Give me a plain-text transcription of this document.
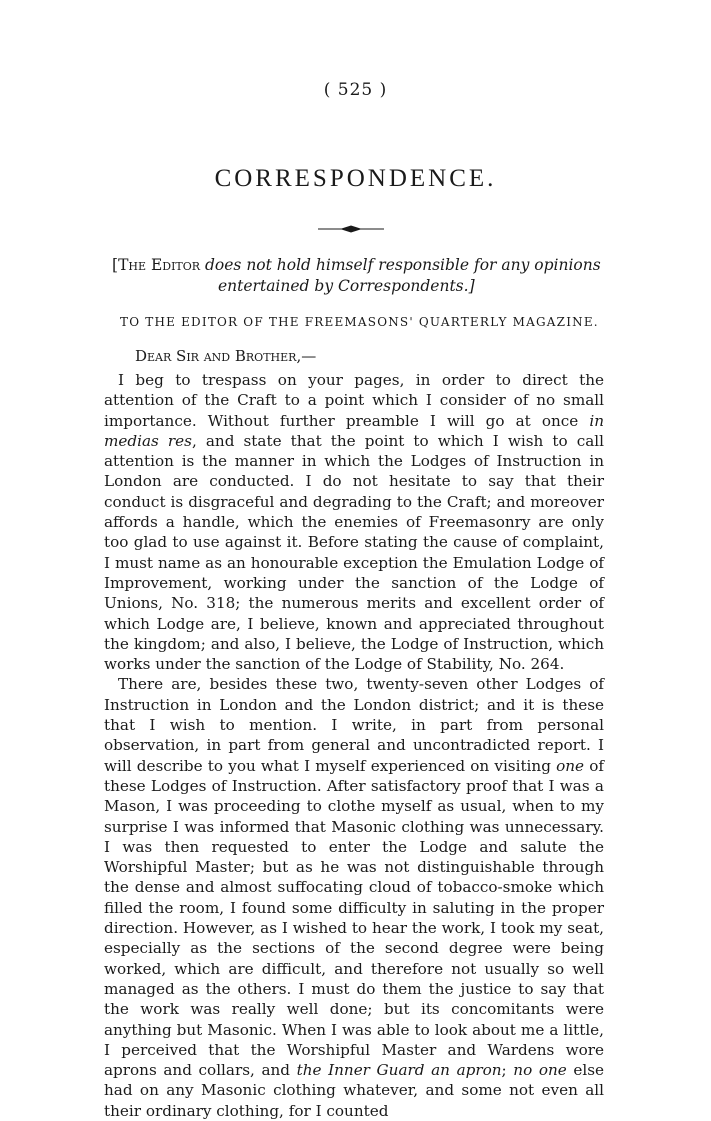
( 525 )
CORRESPONDENCE.
[The Editor does not hold himself responsible for any opinions
entertained by Correspondents.]
TO THE EDITOR OF THE FREEMASONS' QUARTERLY MAGAZINE.
Dear Sir and Brother,—

I beg to trespass on your pages, in order to direct the attention of the Craft to a point which I consider of no small importance. Without further preamble I will go at once in medias res, and state that the point to which I wish to call attention is the manner in which the Lodges of Instruction in London are conducted. I do not hesitate to say that their conduct is disgraceful and degrading to the Craft; and moreover affords a handle, which the enemies of Freemasonry are only too glad to use against it. Before stating the cause of complaint, I must name as an honourable exception the Emulation Lodge of Improvement, working under the sanction of the Lodge of Unions, No. 318; the numerous merits and excellent order of which Lodge are, I believe, known and appreciated throughout the kingdom; and also, I believe, the Lodge of Instruction, which works under the sanction of the Lodge of Stability, No. 264.

There are, besides these two, twenty-seven other Lodges of Instruction in London and the London district; and it is these that I wish to mention. I write, in part from personal observation, in part from general and uncontradicted report. I will describe to you what I myself experienced on visiting one of these Lodges of Instruction. After satisfactory proof that I was a Mason, I was proceeding to clothe myself as usual, when to my surprise I was informed that Masonic clothing was unnecessary. I was then requested to enter the Lodge and salute the Worshipful Master; but as he was not distinguishable through the dense and almost suffocating cloud of tobacco-smoke which filled the room, I found some difficulty in saluting in the proper direction. However, as I wished to hear the work, I took my seat, especially as the sections of the second degree were being worked, which are difficult, and therefore not usually so well managed as the others. I must do them the justice to say that the work was really well done; but its concomitants were anything but Masonic. When I was able to look about me a little, I perceived that the Worshipful Master and Wardens wore aprons and collars, and the Inner Guard an apron; no one else had on any Masonic clothing whatever, and some not even all their ordinary clothing, for I counted
